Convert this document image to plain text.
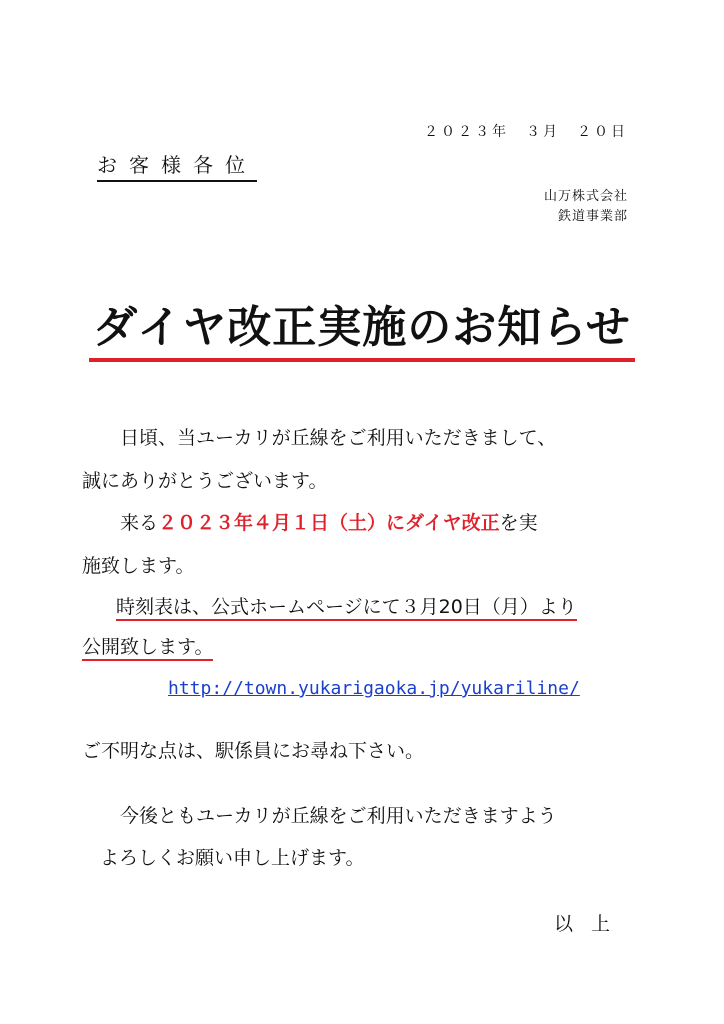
２０２３年　３月　２０日
お客様各位
山万株式会社
鉄道事業部
ダイヤ改正実施のお知らせ
日頃、当ユーカリが丘線をご利用いただきまして、
誠にありがとうございます。
来る２０２３年４月１日（土）にダイヤ改正を実
施致します。
時刻表は、公式ホームページにて３月20日（月）より
公開致します。
http://town.yukarigaoka.jp/yukariline/
ご不明な点は、駅係員にお尋ね下さい。
今後ともユーカリが丘線をご利用いただきますよう
よろしくお願い申し上げます。
以上
